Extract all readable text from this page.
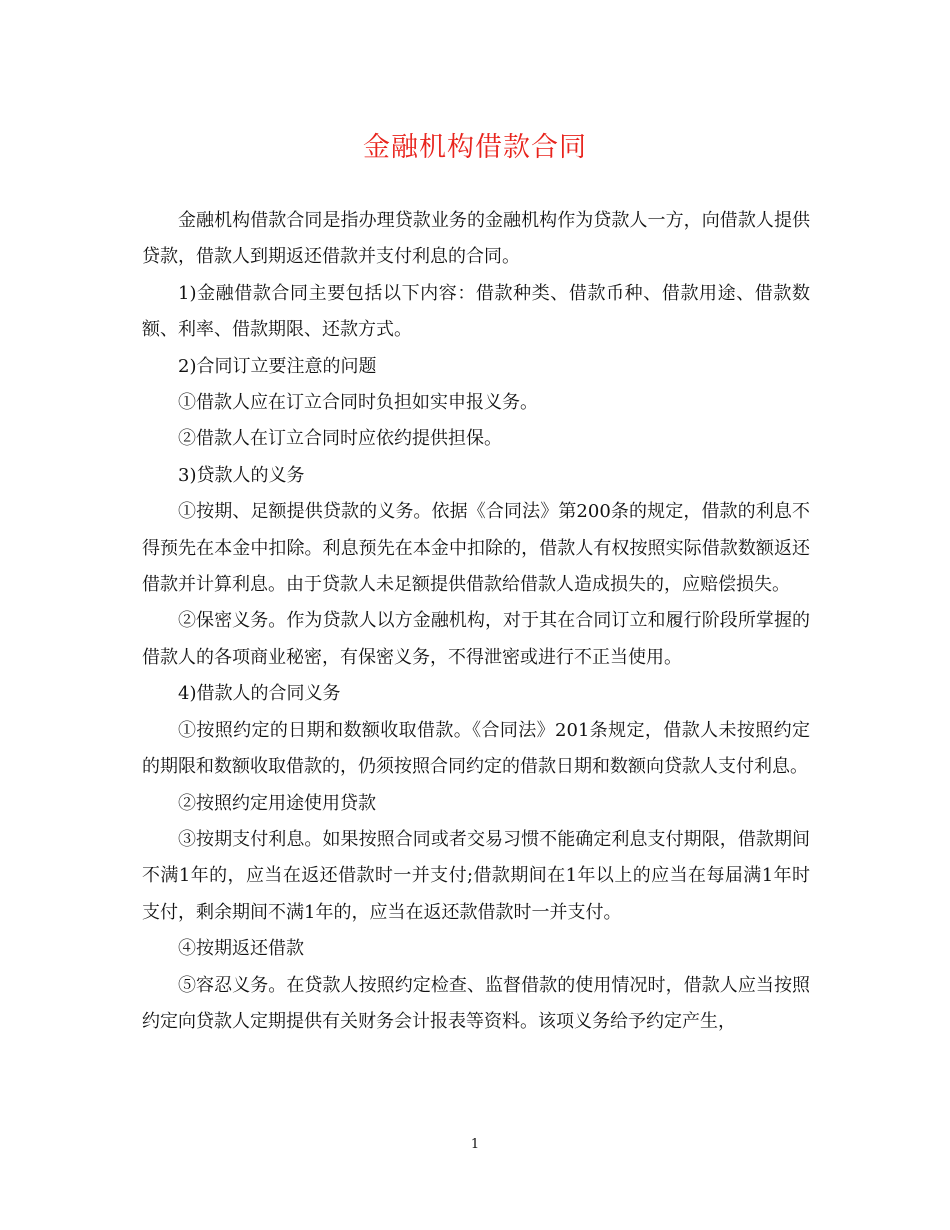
金融机构借款合同

金融机构借款合同是指办理贷款业务的金融机构作为贷款人一方，向借款人提供贷款，借款人到期返还借款并支付利息的合同。

1)金融借款合同主要包括以下内容：借款种类、借款币种、借款用途、借款数额、利率、借款期限、还款方式。

2)合同订立要注意的问题

①借款人应在订立合同时负担如实申报义务。

②借款人在订立合同时应依约提供担保。

3)贷款人的义务

①按期、足额提供贷款的义务。依据《合同法》第200条的规定，借款的利息不得预先在本金中扣除。利息预先在本金中扣除的，借款人有权按照实际借款数额返还借款并计算利息。由于贷款人未足额提供借款给借款人造成损失的，应赔偿损失。

②保密义务。作为贷款人以方金融机构，对于其在合同订立和履行阶段所掌握的借款人的各项商业秘密，有保密义务，不得泄密或进行不正当使用。

4)借款人的合同义务

①按照约定的日期和数额收取借款。《合同法》201条规定，借款人未按照约定的期限和数额收取借款的，仍须按照合同约定的借款日期和数额向贷款人支付利息。

②按照约定用途使用贷款

③按期支付利息。如果按照合同或者交易习惯不能确定利息支付期限，借款期间不满1年的，应当在返还借款时一并支付;借款期间在1年以上的应当在每届满1年时支付，剩余期间不满1年的，应当在返还款借款时一并支付。

④按期返还借款

⑤容忍义务。在贷款人按照约定检查、监督借款的使用情况时，借款人应当按照约定向贷款人定期提供有关财务会计报表等资料。该项义务给予约定产生，

1
